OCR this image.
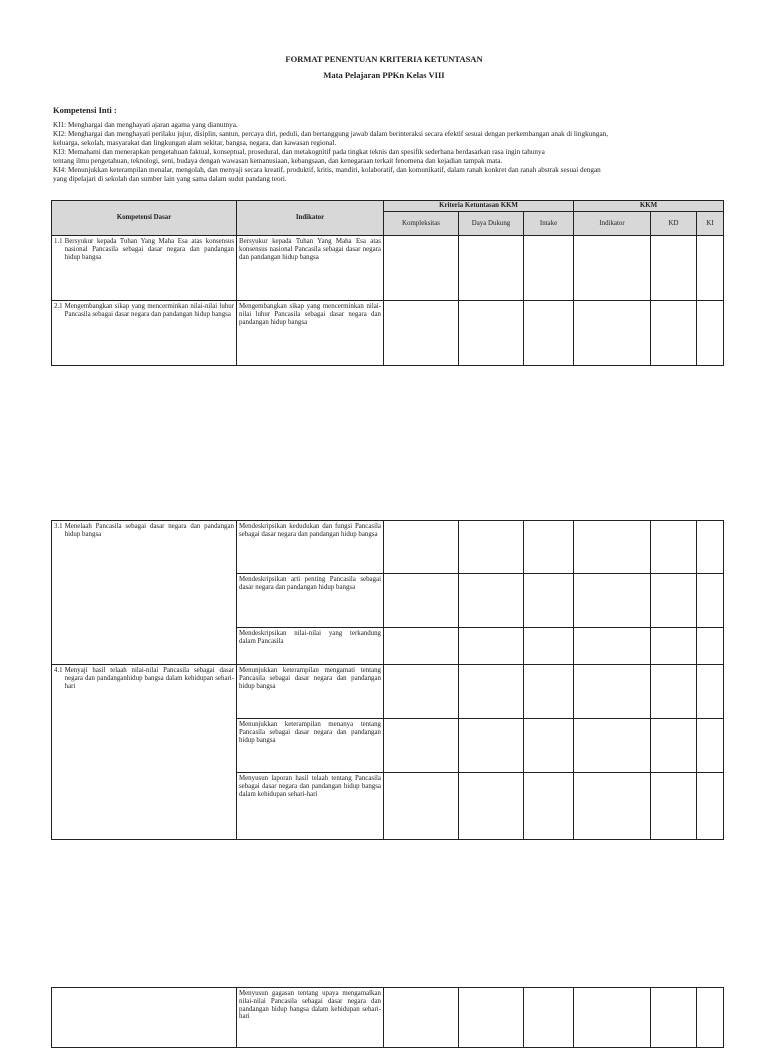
FORMAT PENENTUAN KRITERIA KETUNTASAN
Mata Pelajaran PPKn Kelas VIII
Kompetensi Inti :
KI1: Menghargai dan menghayati ajaran agama yang dianutnya.
KI2: Menghargai dan menghayati perilaku jujur, disiplin, santun, percaya diri, peduli, dan bertanggung jawab dalam berinteraksi secara efektif sesuai dengan perkembangan anak di lingkungan,
keluarga, sekolah, masyarakat dan lingkungan alam sekitar, bangsa, negara, dan kawasan regional.
KI3: Memahami dan menerapkan pengetahuan faktual, konseptual, prosedural, dan metakognitif pada tingkat teknis dan spesifik sederhana berdasarkan rasa ingin tahunya
tentang ilmu pengetahuan, teknologi, seni, budaya dengan wawasan kemanusiaan, kebangsaan, dan kenegaraan terkait fenomena dan kejadian tampak mata.
KI4: Menunjukkan keterampilan menalar, mengolah, dan menyaji secara kreatif, produktif, kritis, mandiri, kolaboratif, dan komunikatif, dalam ranah konkret dan ranah abstrak sesuai dengan
yang dipelajari di sekolah dan sumber lain yang sama dalam sudut pandang teori.
Kompetensi Dasar	Indikator	Kriteria Ketuntasan KKM			KKM		
		Kompleksitas	Daya Dukung	Intake	Indikator	KD	KI

1.1 Bersyukur kepada Tuhan Yang Maha Esa atas konsensus nasional Pancasila sebagai dasar negara dan pandangan hidup bangsa	Bersyukur kepada Tuhan Yang Maha Esa atas konsensus nasional Pancasila sebagai dasar negara dan pandangan hidup bangsa						

2.1 Mengembangkan sikap yang mencerminkan nilai-nilai luhur Pancasila sebagai dasar negara dan pandangan hidup bangsa	Mengembangkan sikap yang mencerminkan nilai-nilai luhur Pancasila sebagai dasar negara dan pandangan hidup bangsa						
3.1 Menelaah Pancasila sebagai dasar negara dan pandangan hidup bangsa	Mendeskripsikan kedudukan dan fungsi Pancasila sebagai dasar negara dan pandangan hidup bangsa						
	Mendeskripsikan arti penting Pancasila sebagai dasar negara dan pandangan hidup bangsa						
	Mendeskripsikan nilai-nilai yang terkandung dalam Pancasila						

4.1 Menyaji hasil telaah nilai-nilai Pancasila sebagai dasar negara dan pandanganhidup bangsa dalam kehidupan sehari-hari	Menunjukkan keterampilan mengamati tentang Pancasila sebagai dasar negara dan pandangan hidup bangsa						
	Menunjukkan keterampilan menanya tentang Pancasila sebagai dasar negara dan pandangan hidup bangsa						
	Menyusun laporan hasil telaah tentang Pancasila sebagai dasar negara dan pandangan hidup bangsa dalam kehidupan sehari-hari						
	Menyusun gagasan tentang upaya mengamalkan nilai-nilai Pancasila sebagai dasar negara dan pandangan hidup bangsa dalam kehidupan sehari-hari						
